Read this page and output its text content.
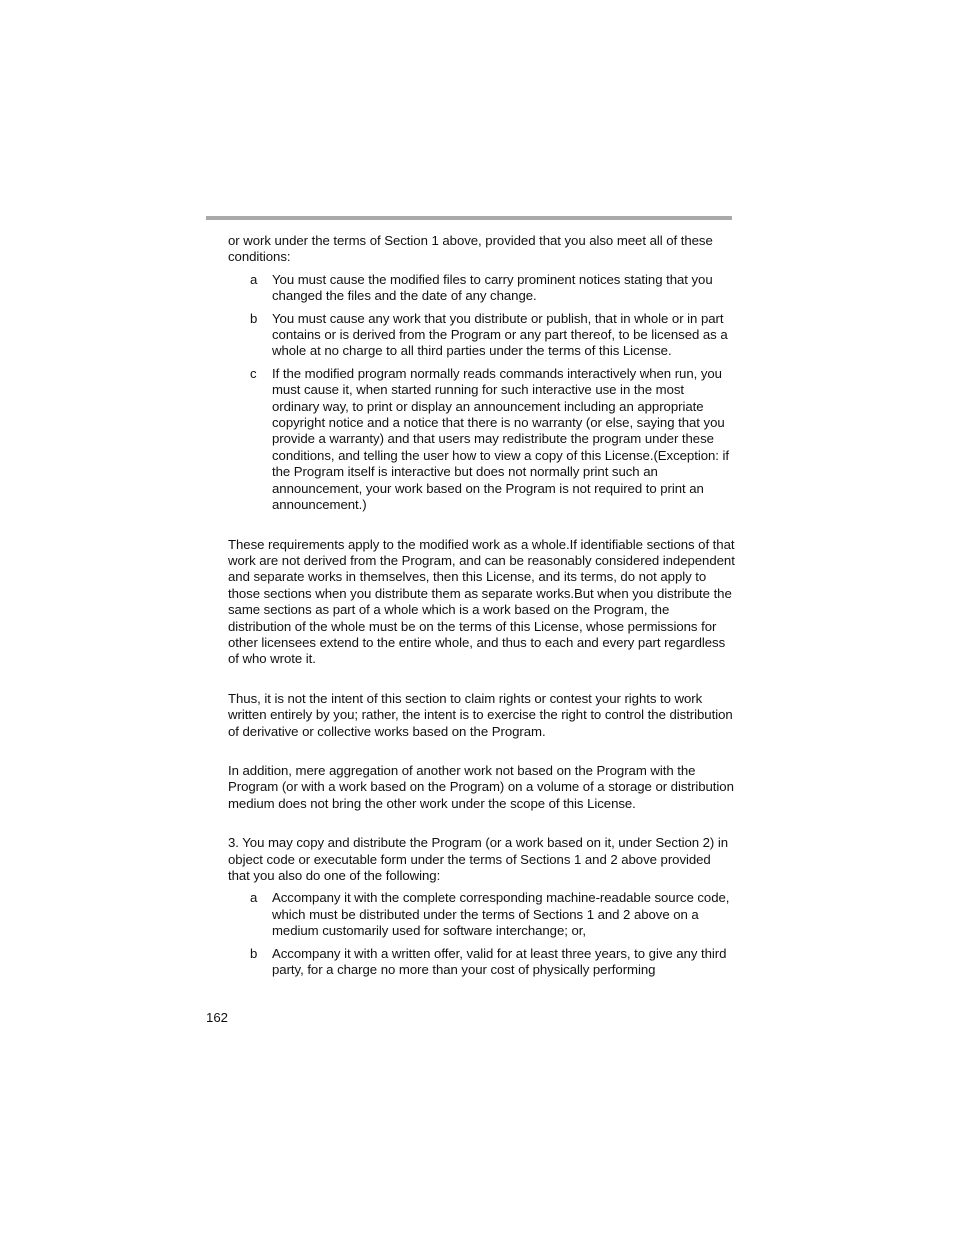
or work under the terms of Section 1 above, provided that you also meet all of these conditions:

a	You must cause the modified files to carry prominent notices stating that you changed the files and the date of any change.

b	You must cause any work that you distribute or publish, that in whole or in part contains or is derived from the Program or any part thereof, to be licensed as a whole at no charge to all third parties under the terms of this License.

c	If the modified program normally reads commands interactively when run, you must cause it, when started running for such interactive use in the most ordinary way, to print or display an announcement including an appropriate copyright notice and a notice that there is no warranty (or else, saying that you provide a warranty) and that users may redistribute the program under these conditions, and telling the user how to view a copy of this License.(Exception: if the Program itself is interactive but does not normally print such an announcement, your work based on the Program is not required to print an announcement.)

These requirements apply to the modified work as a whole.If identifiable sections of that work are not derived from the Program, and can be reasonably considered independent and separate works in themselves, then this License, and its terms, do not apply to those sections when you distribute them as separate works.But when you distribute the same sections as part of a whole which is a work based on the Program, the distribution of the whole must be on the terms of this License, whose permissions for other licensees extend to the entire whole, and thus to each and every part regardless of who wrote it.

Thus, it is not the intent of this section to claim rights or contest your rights to work written entirely by you; rather, the intent is to exercise the right to control the distribution of derivative or collective works based on the Program.

In addition, mere aggregation of another work not based on the Program with the Program (or with a work based on the Program) on a volume of a storage or distribution medium does not bring the other work under the scope of this License.

3. You may copy and distribute the Program (or a work based on it, under Section 2) in object code or executable form under the terms of Sections 1 and 2 above provided that you also do one of the following:

a	Accompany it with the complete corresponding machine-readable source code, which must be distributed under the terms of Sections 1 and 2 above on a medium customarily used for software interchange; or,

b	Accompany it with a written offer, valid for at least three years, to give any third party, for a charge no more than your cost of physically performing

162
